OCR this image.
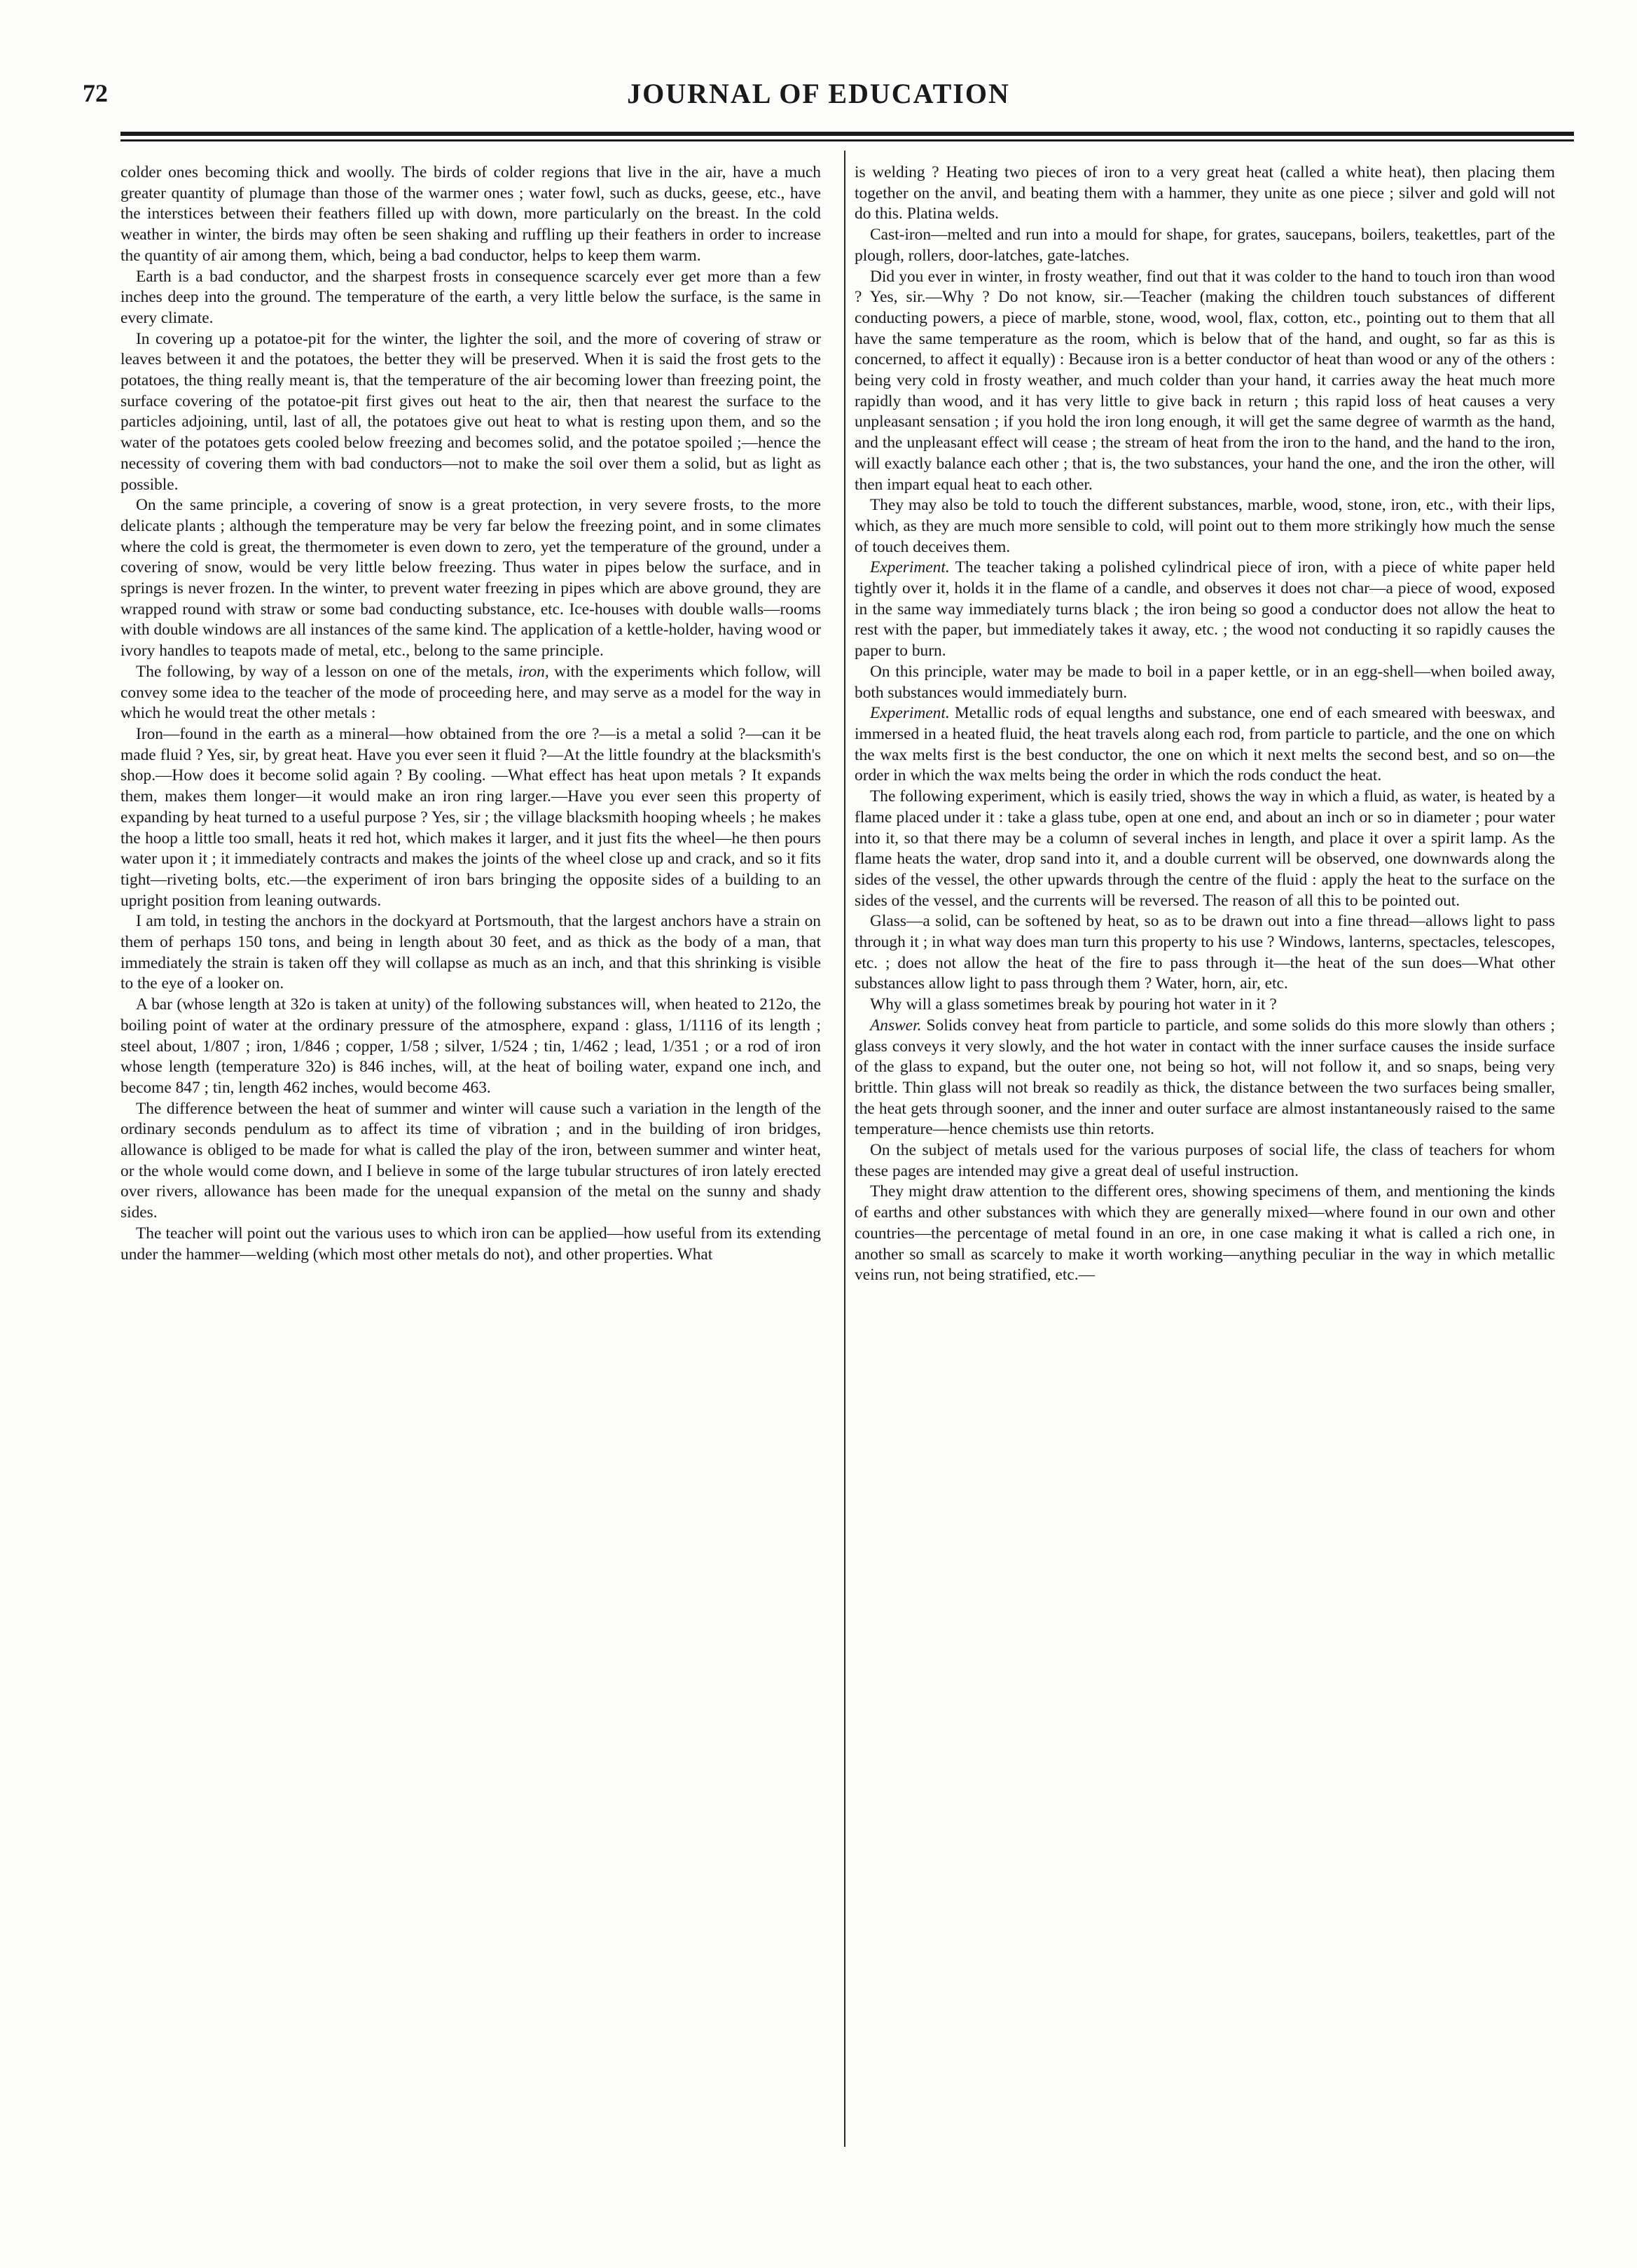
72	JOURNAL OF EDUCATION

colder ones becoming thick and woolly. The birds of colder regions that live in the air, have a much greater quantity of plumage than those of the warmer ones ; water fowl, such as ducks, geese, etc., have the interstices between their feathers filled up with down, more particularly on the breast. In the cold weather in winter, the birds may often be seen shaking and ruffling up their feathers in order to increase the quantity of air among them, which, being a bad conductor, helps to keep them warm.

Earth is a bad conductor, and the sharpest frosts in consequence scarcely ever get more than a few inches deep into the ground. The temperature of the earth, a very little below the surface, is the same in every climate.

In covering up a potatoe-pit for the winter, the lighter the soil, and the more of covering of straw or leaves between it and the potatoes, the better they will be preserved. When it is said the frost gets to the potatoes, the thing really meant is, that the temperature of the air becoming lower than freezing point, the surface covering of the potatoe-pit first gives out heat to the air, then that nearest the surface to the particles adjoining, until, last of all, the potatoes give out heat to what is resting upon them, and so the water of the potatoes gets cooled below freezing and becomes solid, and the potatoe spoiled ;—hence the necessity of covering them with bad conductors—not to make the soil over them a solid, but as light as possible.

On the same principle, a covering of snow is a great protection, in very severe frosts, to the more delicate plants ; although the temperature may be very far below the freezing point, and in some climates where the cold is great, the thermometer is even down to zero, yet the temperature of the ground, under a covering of snow, would be very little below freezing. Thus water in pipes below the surface, and in springs is never frozen. In the winter, to prevent water freezing in pipes which are above ground, they are wrapped round with straw or some bad conducting substance, etc. Ice-houses with double walls—rooms with double windows are all instances of the same kind. The application of a kettle-holder, having wood or ivory handles to teapots made of metal, etc., belong to the same principle.

The following, by way of a lesson on one of the metals, iron, with the experiments which follow, will convey some idea to the teacher of the mode of proceeding here, and may serve as a model for the way in which he would treat the other metals :

Iron—found in the earth as a mineral—how obtained from the ore ?—is a metal a solid ?—can it be made fluid ? Yes, sir, by great heat. Have you ever seen it fluid ?—At the little foundry at the blacksmith's shop.—How does it become solid again ? By cooling. —What effect has heat upon metals ? It expands them, makes them longer—it would make an iron ring larger.—Have you ever seen this property of expanding by heat turned to a useful purpose ? Yes, sir ; the village blacksmith hooping wheels ; he makes the hoop a little too small, heats it red hot, which makes it larger, and it just fits the wheel—he then pours water upon it ; it immediately contracts and makes the joints of the wheel close up and crack, and so it fits tight—riveting bolts, etc.—the experiment of iron bars bringing the opposite sides of a building to an upright position from leaning outwards.

I am told, in testing the anchors in the dockyard at Portsmouth, that the largest anchors have a strain on them of perhaps 150 tons, and being in length about 30 feet, and as thick as the body of a man, that immediately the strain is taken off they will collapse as much as an inch, and that this shrinking is visible to the eye of a looker on.

A bar (whose length at 32o is taken at unity) of the following substances will, when heated to 212o, the boiling point of water at the ordinary pressure of the atmosphere, expand : glass, 1/1116 of its length ; steel about, 1/807 ; iron, 1/846 ; copper, 1/58 ; silver, 1/524 ; tin, 1/462 ; lead, 1/351 ; or a rod of iron whose length (temperature 32o) is 846 inches, will, at the heat of boiling water, expand one inch, and become 847 ; tin, length 462 inches, would become 463.

The difference between the heat of summer and winter will cause such a variation in the length of the ordinary seconds pendulum as to affect its time of vibration ; and in the building of iron bridges, allowance is obliged to be made for what is called the play of the iron, between summer and winter heat, or the whole would come down, and I believe in some of the large tubular structures of iron lately erected over rivers, allowance has been made for the unequal expansion of the metal on the sunny and shady sides.

The teacher will point out the various uses to which iron can be applied—how useful from its extending under the hammer—welding (which most other metals do not), and other properties. What

is welding ? Heating two pieces of iron to a very great heat (called a white heat), then placing them together on the anvil, and beating them with a hammer, they unite as one piece ; silver and gold will not do this. Platina welds.

Cast-iron—melted and run into a mould for shape, for grates, saucepans, boilers, teakettles, part of the plough, rollers, door-latches, gate-latches.

Did you ever in winter, in frosty weather, find out that it was colder to the hand to touch iron than wood ? Yes, sir.—Why ? Do not know, sir.—Teacher (making the children touch substances of different conducting powers, a piece of marble, stone, wood, wool, flax, cotton, etc., pointing out to them that all have the same temperature as the room, which is below that of the hand, and ought, so far as this is concerned, to affect it equally) : Because iron is a better conductor of heat than wood or any of the others : being very cold in frosty weather, and much colder than your hand, it carries away the heat much more rapidly than wood, and it has very little to give back in return ; this rapid loss of heat causes a very unpleasant sensation ; if you hold the iron long enough, it will get the same degree of warmth as the hand, and the unpleasant effect will cease ; the stream of heat from the iron to the hand, and the hand to the iron, will exactly balance each other ; that is, the two substances, your hand the one, and the iron the other, will then impart equal heat to each other.

They may also be told to touch the different substances, marble, wood, stone, iron, etc., with their lips, which, as they are much more sensible to cold, will point out to them more strikingly how much the sense of touch deceives them.

Experiment. The teacher taking a polished cylindrical piece of iron, with a piece of white paper held tightly over it, holds it in the flame of a candle, and observes it does not char—a piece of wood, exposed in the same way immediately turns black ; the iron being so good a conductor does not allow the heat to rest with the paper, but immediately takes it away, etc. ; the wood not conducting it so rapidly causes the paper to burn.

On this principle, water may be made to boil in a paper kettle, or in an egg-shell—when boiled away, both substances would immediately burn.

Experiment. Metallic rods of equal lengths and substance, one end of each smeared with beeswax, and immersed in a heated fluid, the heat travels along each rod, from particle to particle, and the one on which the wax melts first is the best conductor, the one on which it next melts the second best, and so on—the order in which the wax melts being the order in which the rods conduct the heat.

The following experiment, which is easily tried, shows the way in which a fluid, as water, is heated by a flame placed under it : take a glass tube, open at one end, and about an inch or so in diameter ; pour water into it, so that there may be a column of several inches in length, and place it over a spirit lamp. As the flame heats the water, drop sand into it, and a double current will be observed, one downwards along the sides of the vessel, the other upwards through the centre of the fluid : apply the heat to the surface on the sides of the vessel, and the currents will be reversed. The reason of all this to be pointed out.

Glass—a solid, can be softened by heat, so as to be drawn out into a fine thread—allows light to pass through it ; in what way does man turn this property to his use ? Windows, lanterns, spectacles, telescopes, etc. ; does not allow the heat of the fire to pass through it—the heat of the sun does—What other substances allow light to pass through them ? Water, horn, air, etc.

Why will a glass sometimes break by pouring hot water in it ?

Answer. Solids convey heat from particle to particle, and some solids do this more slowly than others ; glass conveys it very slowly, and the hot water in contact with the inner surface causes the inside surface of the glass to expand, but the outer one, not being so hot, will not follow it, and so snaps, being very brittle. Thin glass will not break so readily as thick, the distance between the two surfaces being smaller, the heat gets through sooner, and the inner and outer surface are almost instantaneously raised to the same temperature—hence chemists use thin retorts.

On the subject of metals used for the various purposes of social life, the class of teachers for whom these pages are intended may give a great deal of useful instruction.

They might draw attention to the different ores, showing specimens of them, and mentioning the kinds of earths and other substances with which they are generally mixed—where found in our own and other countries—the percentage of metal found in an ore, in one case making it what is called a rich one, in another so small as scarcely to make it worth working—anything peculiar in the way in which metallic veins run, not being stratified, etc.—
